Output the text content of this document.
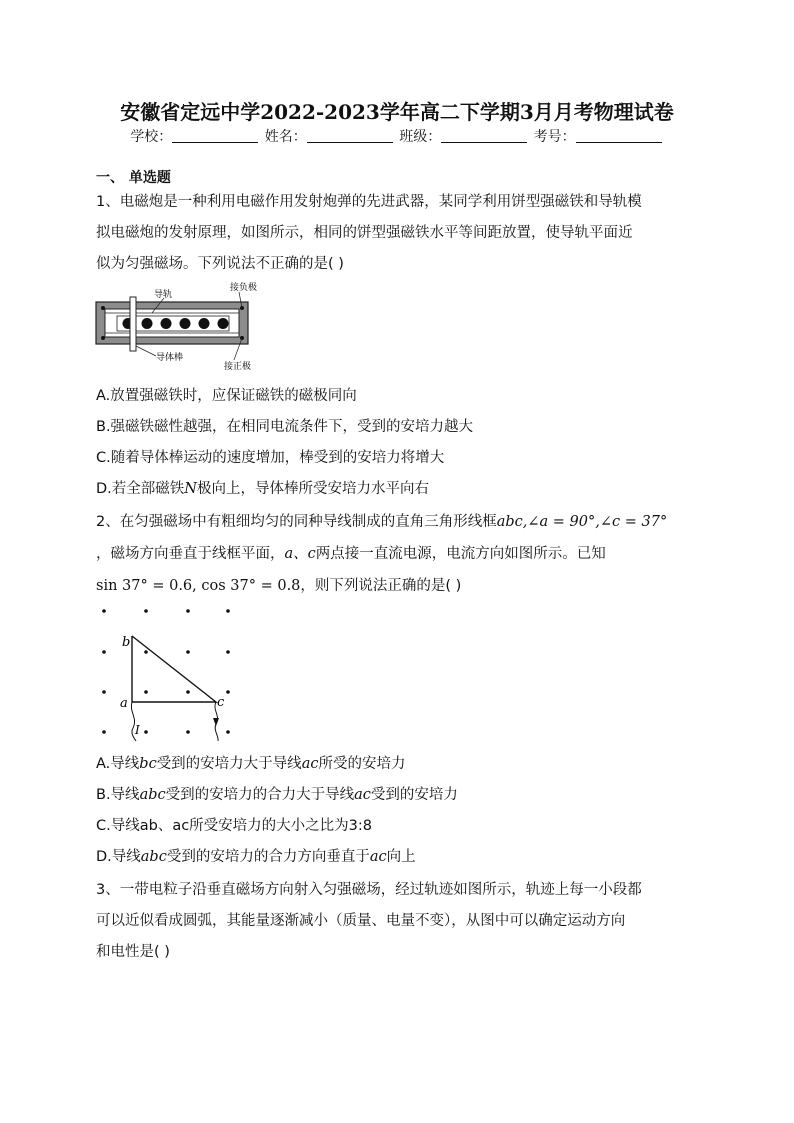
安徽省定远中学2022-2023学年高二下学期3月月考物理试卷
学校：	姓名：	班级：	考号：
一、 单选题
1、电磁炮是一种利用电磁作用发射炮弹的先进武器，某同学利用饼型强磁铁和导轨模
拟电磁炮的发射原理，如图所示，相同的饼型强磁铁水平等间距放置，使导轨平面近
似为匀强磁场。下列说法不正确的是( )
导轨
接负极
导体棒
接正极
A.放置强磁铁时，应保证磁铁的磁极同向
B.强磁铁磁性越强，在相同电流条件下，受到的安培力越大
C.随着导体棒运动的速度增加，棒受到的安培力将增大
D.若全部磁铁N极向上，导体棒所受安培力水平向右
2、在匀强磁场中有粗细均匀的同种导线制成的直角三角形线框abc,∠a = 90°,∠c = 37°
，磁场方向垂直于线框平面，a、c两点接一直流电源，电流方向如图所示。已知
sin 37° = 0.6, cos 37° = 0.8，则下列说法正确的是( )
b
a	c
I
A.导线bc受到的安培力大于导线ac所受的安培力
B.导线abc受到的安培力的合力大于导线ac受到的安培力
C.导线ab、ac所受安培力的大小之比为3:8
D.导线abc受到的安培力的合力方向垂直于ac向上
3、一带电粒子沿垂直磁场方向射入匀强磁场，经过轨迹如图所示，轨迹上每一小段都
可以近似看成圆弧，其能量逐渐减小（质量、电量不变），从图中可以确定运动方向
和电性是( )
